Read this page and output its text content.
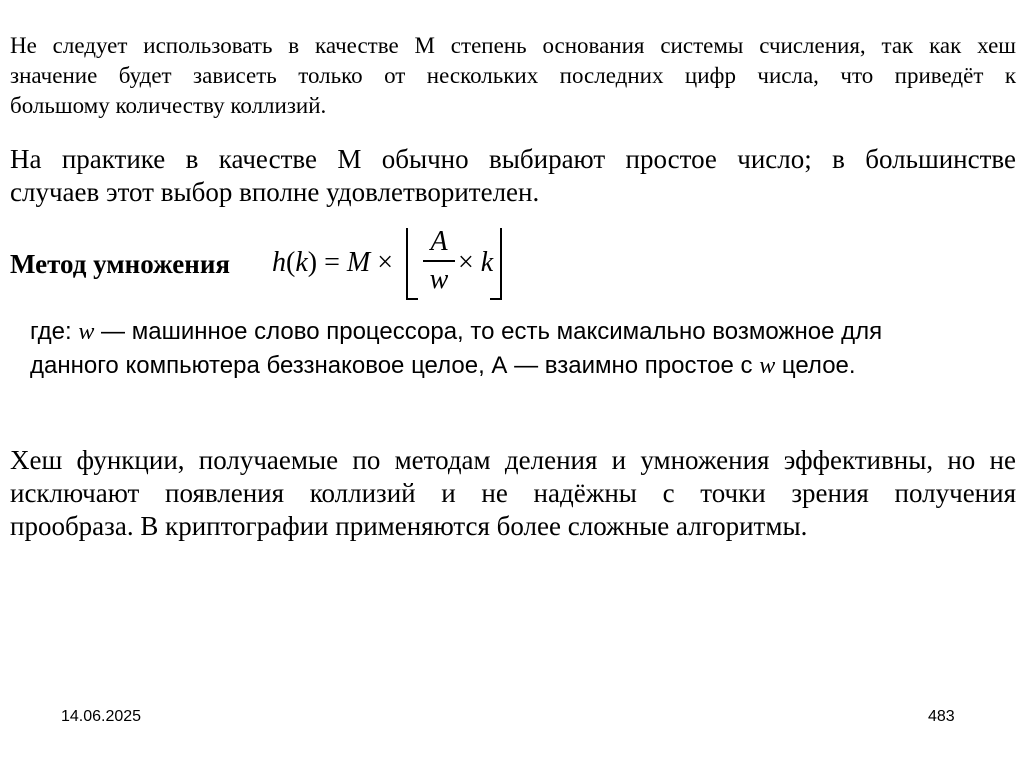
Не следует использовать в качестве М степень основания системы счисления, так как хеш
значение будет зависеть только от нескольких последних цифр числа, что приведёт к
большому количеству коллизий.

На практике в качестве М обычно выбирают простое число; в большинстве
случаев этот выбор вполне удовлетворителен.

Метод умножения h(k) = M ×
A
w
× k

где: w — машинное слово процессора, то есть максимально возможное для
данного компьютера беззнаковое целое, А — взаимно простое с w целое.

Хеш функции, получаемые по методам деления и умножения эффективны, но не
исключают появления коллизий и не надёжны с точки зрения получения
прообраза. В криптографии применяются более сложные алгоритмы.

14.06.2025	483
